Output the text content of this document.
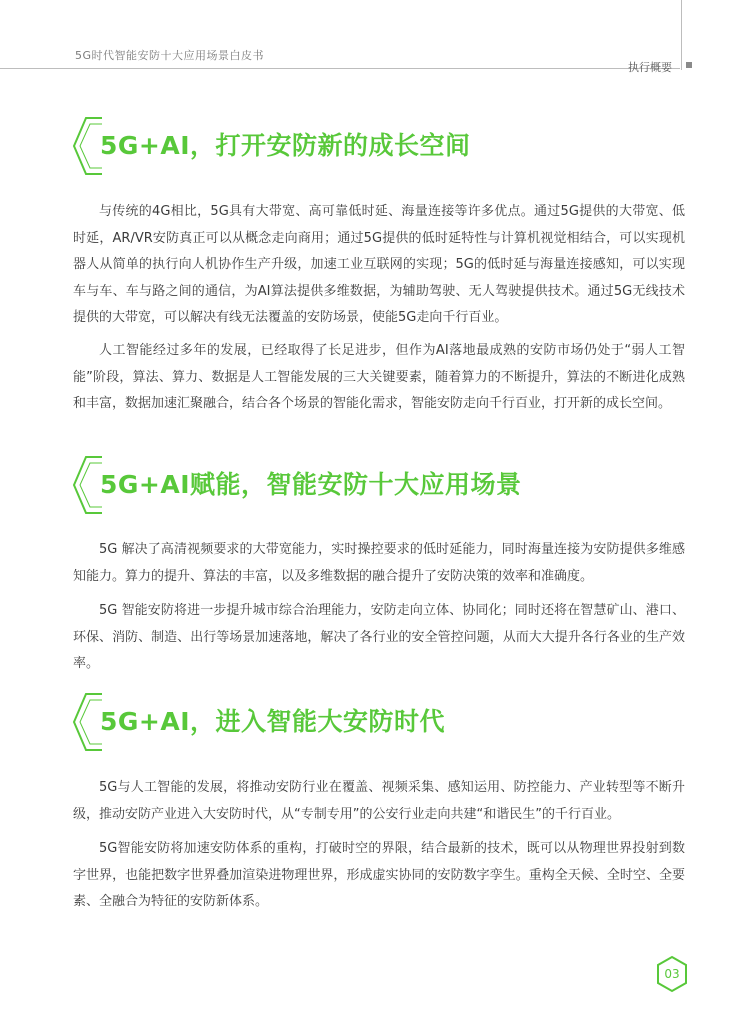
5G时代智能安防十大应用场景白皮书
执行概要
5G+AI，打开安防新的成长空间
与传统的4G相比，5G具有大带宽、高可靠低时延、海量连接等许多优点。通过5G提供的大带宽、低时延，AR/VR安防真正可以从概念走向商用；通过5G提供的低时延特性与计算机视觉相结合，可以实现机器人从简单的执行向人机协作生产升级，加速工业互联网的实现；5G的低时延与海量连接感知，可以实现车与车、车与路之间的通信，为AI算法提供多维数据，为辅助驾驶、无人驾驶提供技术。通过5G无线技术提供的大带宽，可以解决有线无法覆盖的安防场景，使能5G走向千行百业。
人工智能经过多年的发展，已经取得了长足进步，但作为AI落地最成熟的安防市场仍处于“弱人工智能”阶段，算法、算力、数据是人工智能发展的三大关键要素，随着算力的不断提升，算法的不断进化成熟和丰富，数据加速汇聚融合，结合各个场景的智能化需求，智能安防走向千行百业，打开新的成长空间。
5G+AI赋能，智能安防十大应用场景
5G 解决了高清视频要求的大带宽能力，实时操控要求的低时延能力，同时海量连接为安防提供多维感知能力。算力的提升、算法的丰富，以及多维数据的融合提升了安防决策的效率和准确度。
5G 智能安防将进一步提升城市综合治理能力，安防走向立体、协同化；同时还将在智慧矿山、港口、环保、消防、制造、出行等场景加速落地，解决了各行业的安全管控问题，从而大大提升各行各业的生产效率。
5G+AI，进入智能大安防时代
5G与人工智能的发展，将推动安防行业在覆盖、视频采集、感知运用、防控能力、产业转型等不断升级，推动安防产业进入大安防时代，从“专制专用”的公安行业走向共建“和谐民生”的千行百业。
5G智能安防将加速安防体系的重构，打破时空的界限，结合最新的技术，既可以从物理世界投射到数字世界，也能把数字世界叠加渲染进物理世界，形成虚实协同的安防数字孪生。重构全天候、全时空、全要素、全融合为特征的安防新体系。
03
